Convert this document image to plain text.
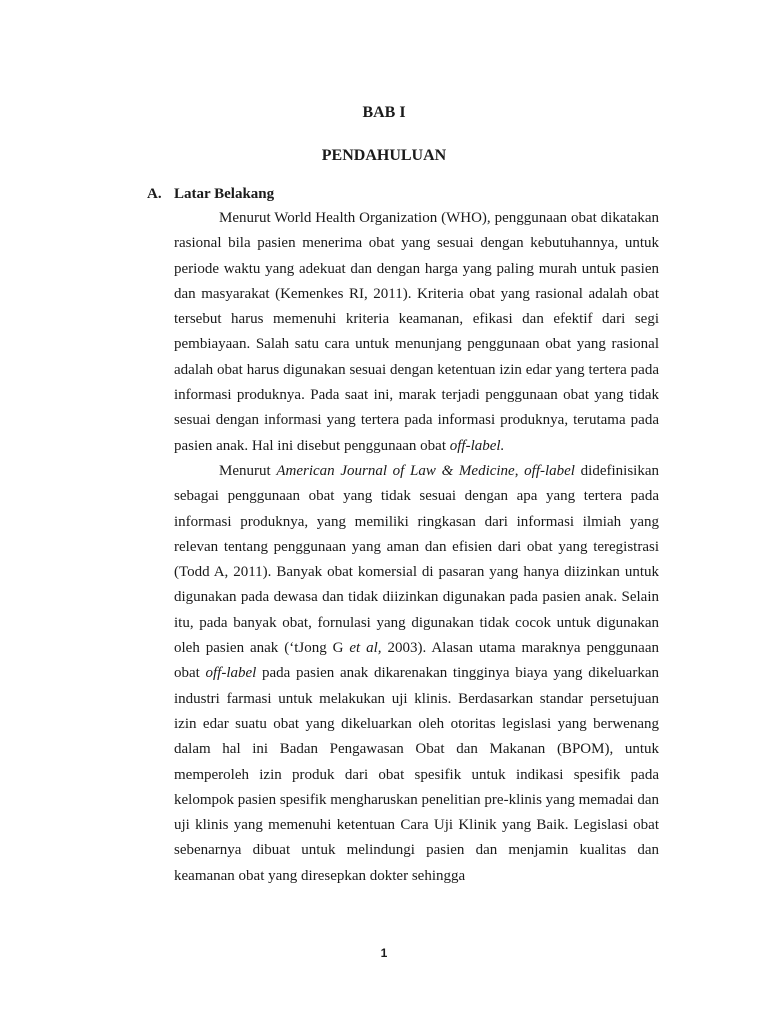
BAB I
PENDAHULUAN
A. Latar Belakang

Menurut World Health Organization (WHO), penggunaan obat dikatakan rasional bila pasien menerima obat yang sesuai dengan kebutuhannya, untuk periode waktu yang adekuat dan dengan harga yang paling murah untuk pasien dan masyarakat (Kemenkes RI, 2011). Kriteria obat yang rasional adalah obat tersebut harus memenuhi kriteria keamanan, efikasi dan efektif dari segi pembiayaan. Salah satu cara untuk menunjang penggunaan obat yang rasional adalah obat harus digunakan sesuai dengan ketentuan izin edar yang tertera pada informasi produknya. Pada saat ini, marak terjadi penggunaan obat yang tidak sesuai dengan informasi yang tertera pada informasi produknya, terutama pada pasien anak. Hal ini disebut penggunaan obat off-label.

Menurut American Journal of Law & Medicine, off-label didefinisikan sebagai penggunaan obat yang tidak sesuai dengan apa yang tertera pada informasi produknya, yang memiliki ringkasan dari informasi ilmiah yang relevan tentang penggunaan yang aman dan efisien dari obat yang teregistrasi (Todd A, 2011). Banyak obat komersial di pasaran yang hanya diizinkan untuk digunakan pada dewasa dan tidak diizinkan digunakan pada pasien anak. Selain itu, pada banyak obat, fornulasi yang digunakan tidak cocok untuk digunakan oleh pasien anak (‘tJong G et al, 2003). Alasan utama maraknya penggunaan obat off-label pada pasien anak dikarenakan tingginya biaya yang dikeluarkan industri farmasi untuk melakukan uji klinis. Berdasarkan standar persetujuan izin edar suatu obat yang dikeluarkan oleh otoritas legislasi yang berwenang dalam hal ini Badan Pengawasan Obat dan Makanan (BPOM), untuk memperoleh izin produk dari obat spesifik untuk indikasi spesifik pada kelompok pasien spesifik mengharuskan penelitian pre-klinis yang memadai dan uji klinis yang memenuhi ketentuan Cara Uji Klinik yang Baik. Legislasi obat sebenarnya dibuat untuk melindungi pasien dan menjamin kualitas dan keamanan obat yang diresepkan dokter sehingga

1
